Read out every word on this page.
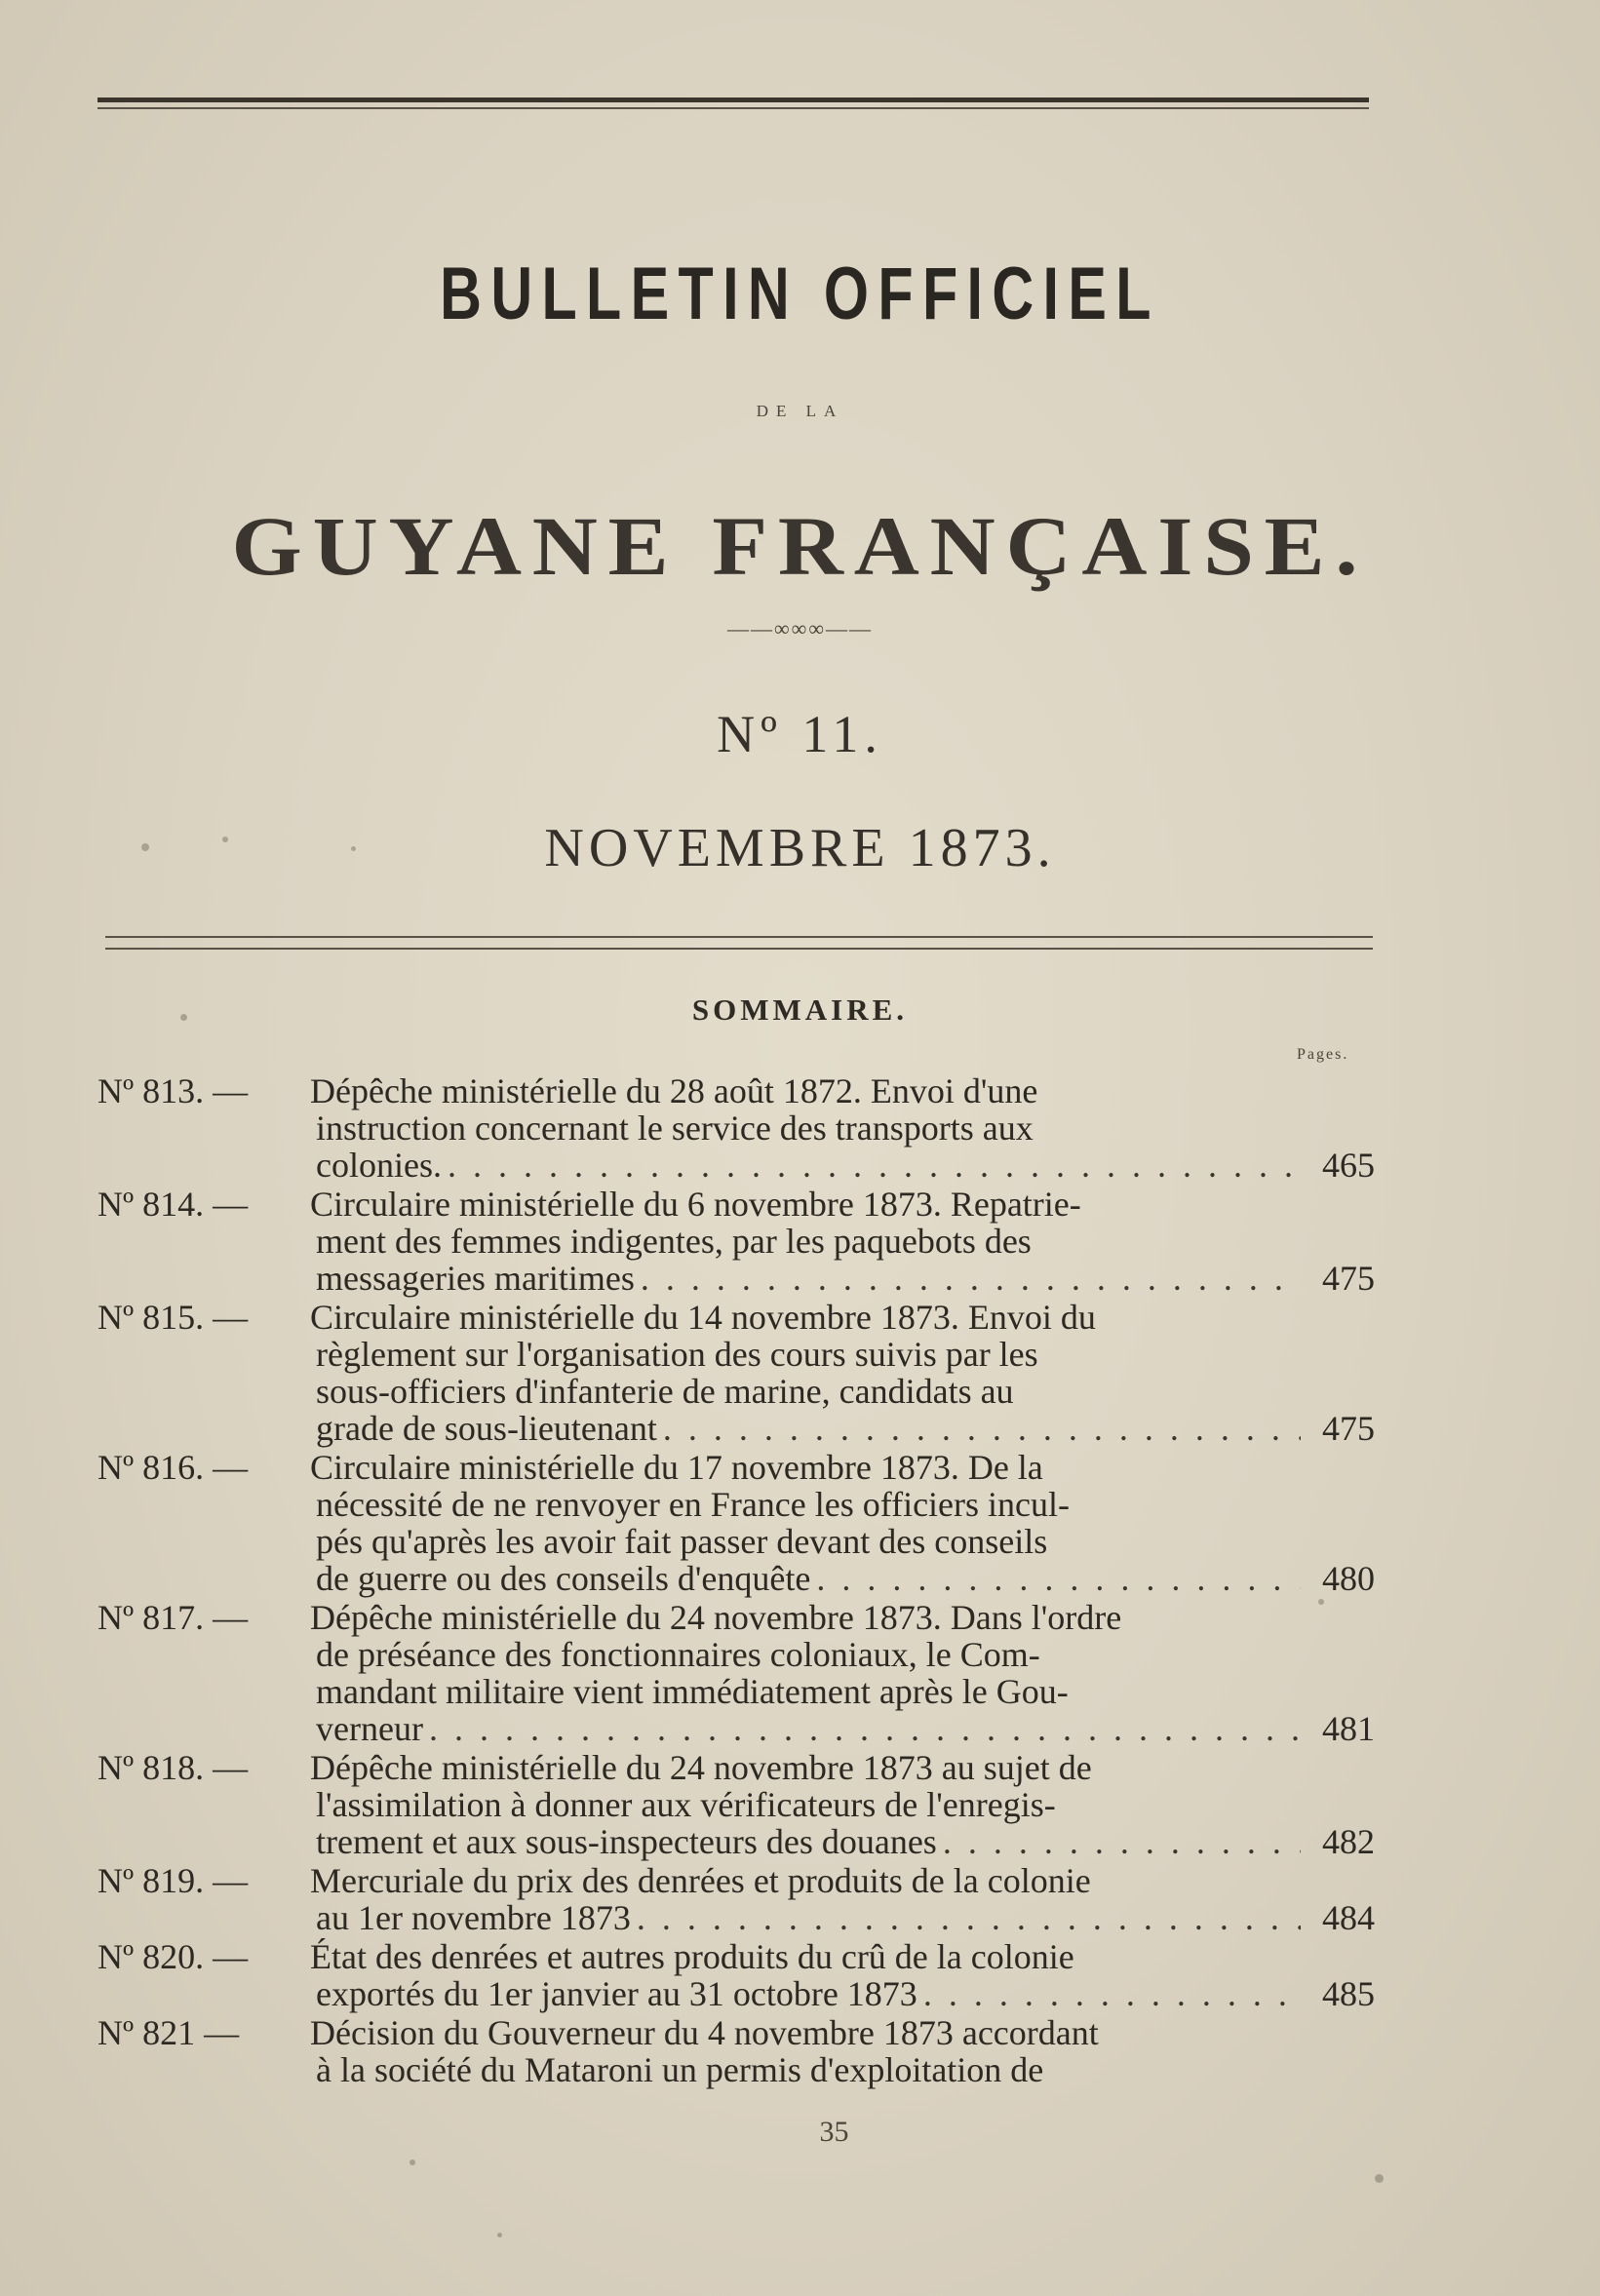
BULLETIN OFFICIEL
DE LA
GUYANE FRANÇAISE.
——∞∞∞——
Nº 11.
NOVEMBRE 1873.
SOMMAIRE.
Pages.
Nº 813. —	Dépêche ministérielle du 28 août 1872. Envoi d'une
instruction concernant le service des transports aux
colonies. . . .	465
Nº 814. —	Circulaire ministérielle du 6 novembre 1873. Repatrie-
ment des femmes indigentes, par les paquebots des
messageries maritimes . . .	475
Nº 815. —	Circulaire ministérielle du 14 novembre 1873. Envoi du
règlement sur l'organisation des cours suivis par les
sous-officiers d'infanterie de marine, candidats au
grade de sous-lieutenant . . .	475
Nº 816. —	Circulaire ministérielle du 17 novembre 1873. De la
nécessité de ne renvoyer en France les officiers incul-
pés qu'après les avoir fait passer devant des conseils
de guerre ou des conseils d'enquête . . .	480
Nº 817. —	Dépêche ministérielle du 24 novembre 1873. Dans l'ordre
de préséance des fonctionnaires coloniaux, le Com-
mandant militaire vient immédiatement après le Gou-
verneur . . .	481
Nº 818. —	Dépêche ministérielle du 24 novembre 1873 au sujet de
l'assimilation à donner aux vérificateurs de l'enregis-
trement et aux sous-inspecteurs des douanes . . .	482
Nº 819. —	Mercuriale du prix des denrées et produits de la colonie
au 1er novembre 1873 . . .	484
Nº 820. —	État des denrées et autres produits du crû de la colonie
exportés du 1er janvier au 31 octobre 1873 . . .	485
Nº 821 —	Décision du Gouverneur du 4 novembre 1873 accordant
à la société du Mataroni un permis d'exploitation de
35
